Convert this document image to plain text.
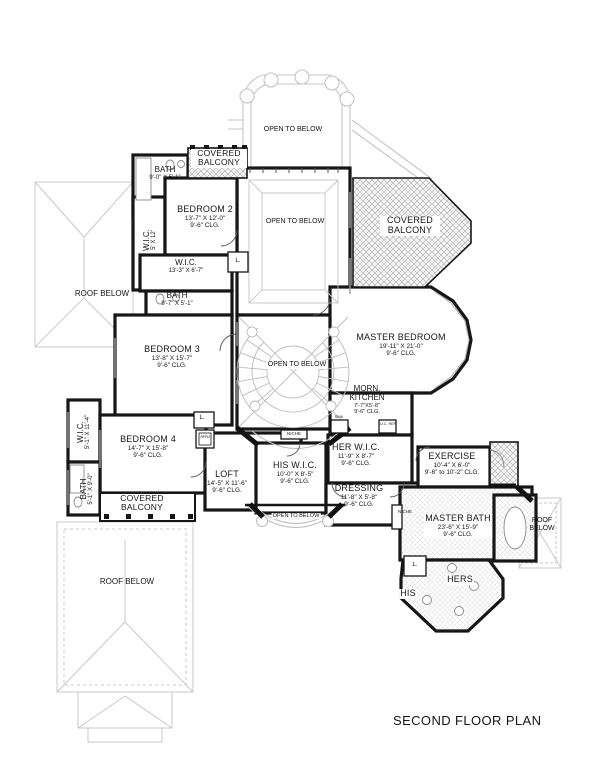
BATH
9'-0" X 5'-1"
COVERED BALCONY
W.I.C. 5' X 12'
BEDROOM 2
13'-7" X 12'-0"
9'-6" CLG.
W.I.C.
13'-3" X 6'-7"
BATH
9'-7" X 5'-1"
ROOF BELOW
BEDROOM 3
13'-8" X 15'-7"
9'-6" CLG.
W.I.C. 5'-1" X 11'-4"	BEDROOM 4
14'-7" X 15'-8"
9'-6" CLG.
BATH 5'-1" X 9'-0"	COVERED BALCONY
LOFT
14'-5" X 11'-6"
9'-6" CLG.
OPEN TO BELOW
OPEN TO BELOW
OPEN TO BELOW
OPEN TO BELOW
COVERED BALCONY
MASTER BEDROOM
19'-11" X 21'-0"
9'-6" CLG.
MORN.
KITCHEN
7'-7"X5'-8"
9'-6" CLG.
HER W.I.C.
11'-9" X 8'-7"
9'-6" CLG.
HIS W.I.C.
10'-0" X 8'-5"
9'-6" CLG.
DRESSING
11'-8" X 5'-8"
9'-6" CLG.
EXERCISE
10'-4" X 6'-0"
9'-6" to 10'-2" CLG.
MASTER BATH
23'-6" X 15'-9"
9'-6" CLG.
ROOF
BELOW
HERS
HIS
L.
L.
L.
NICHE
NICHE
SINK
U.C. REF
AHU
ROOF BELOW
SECOND FLOOR PLAN
